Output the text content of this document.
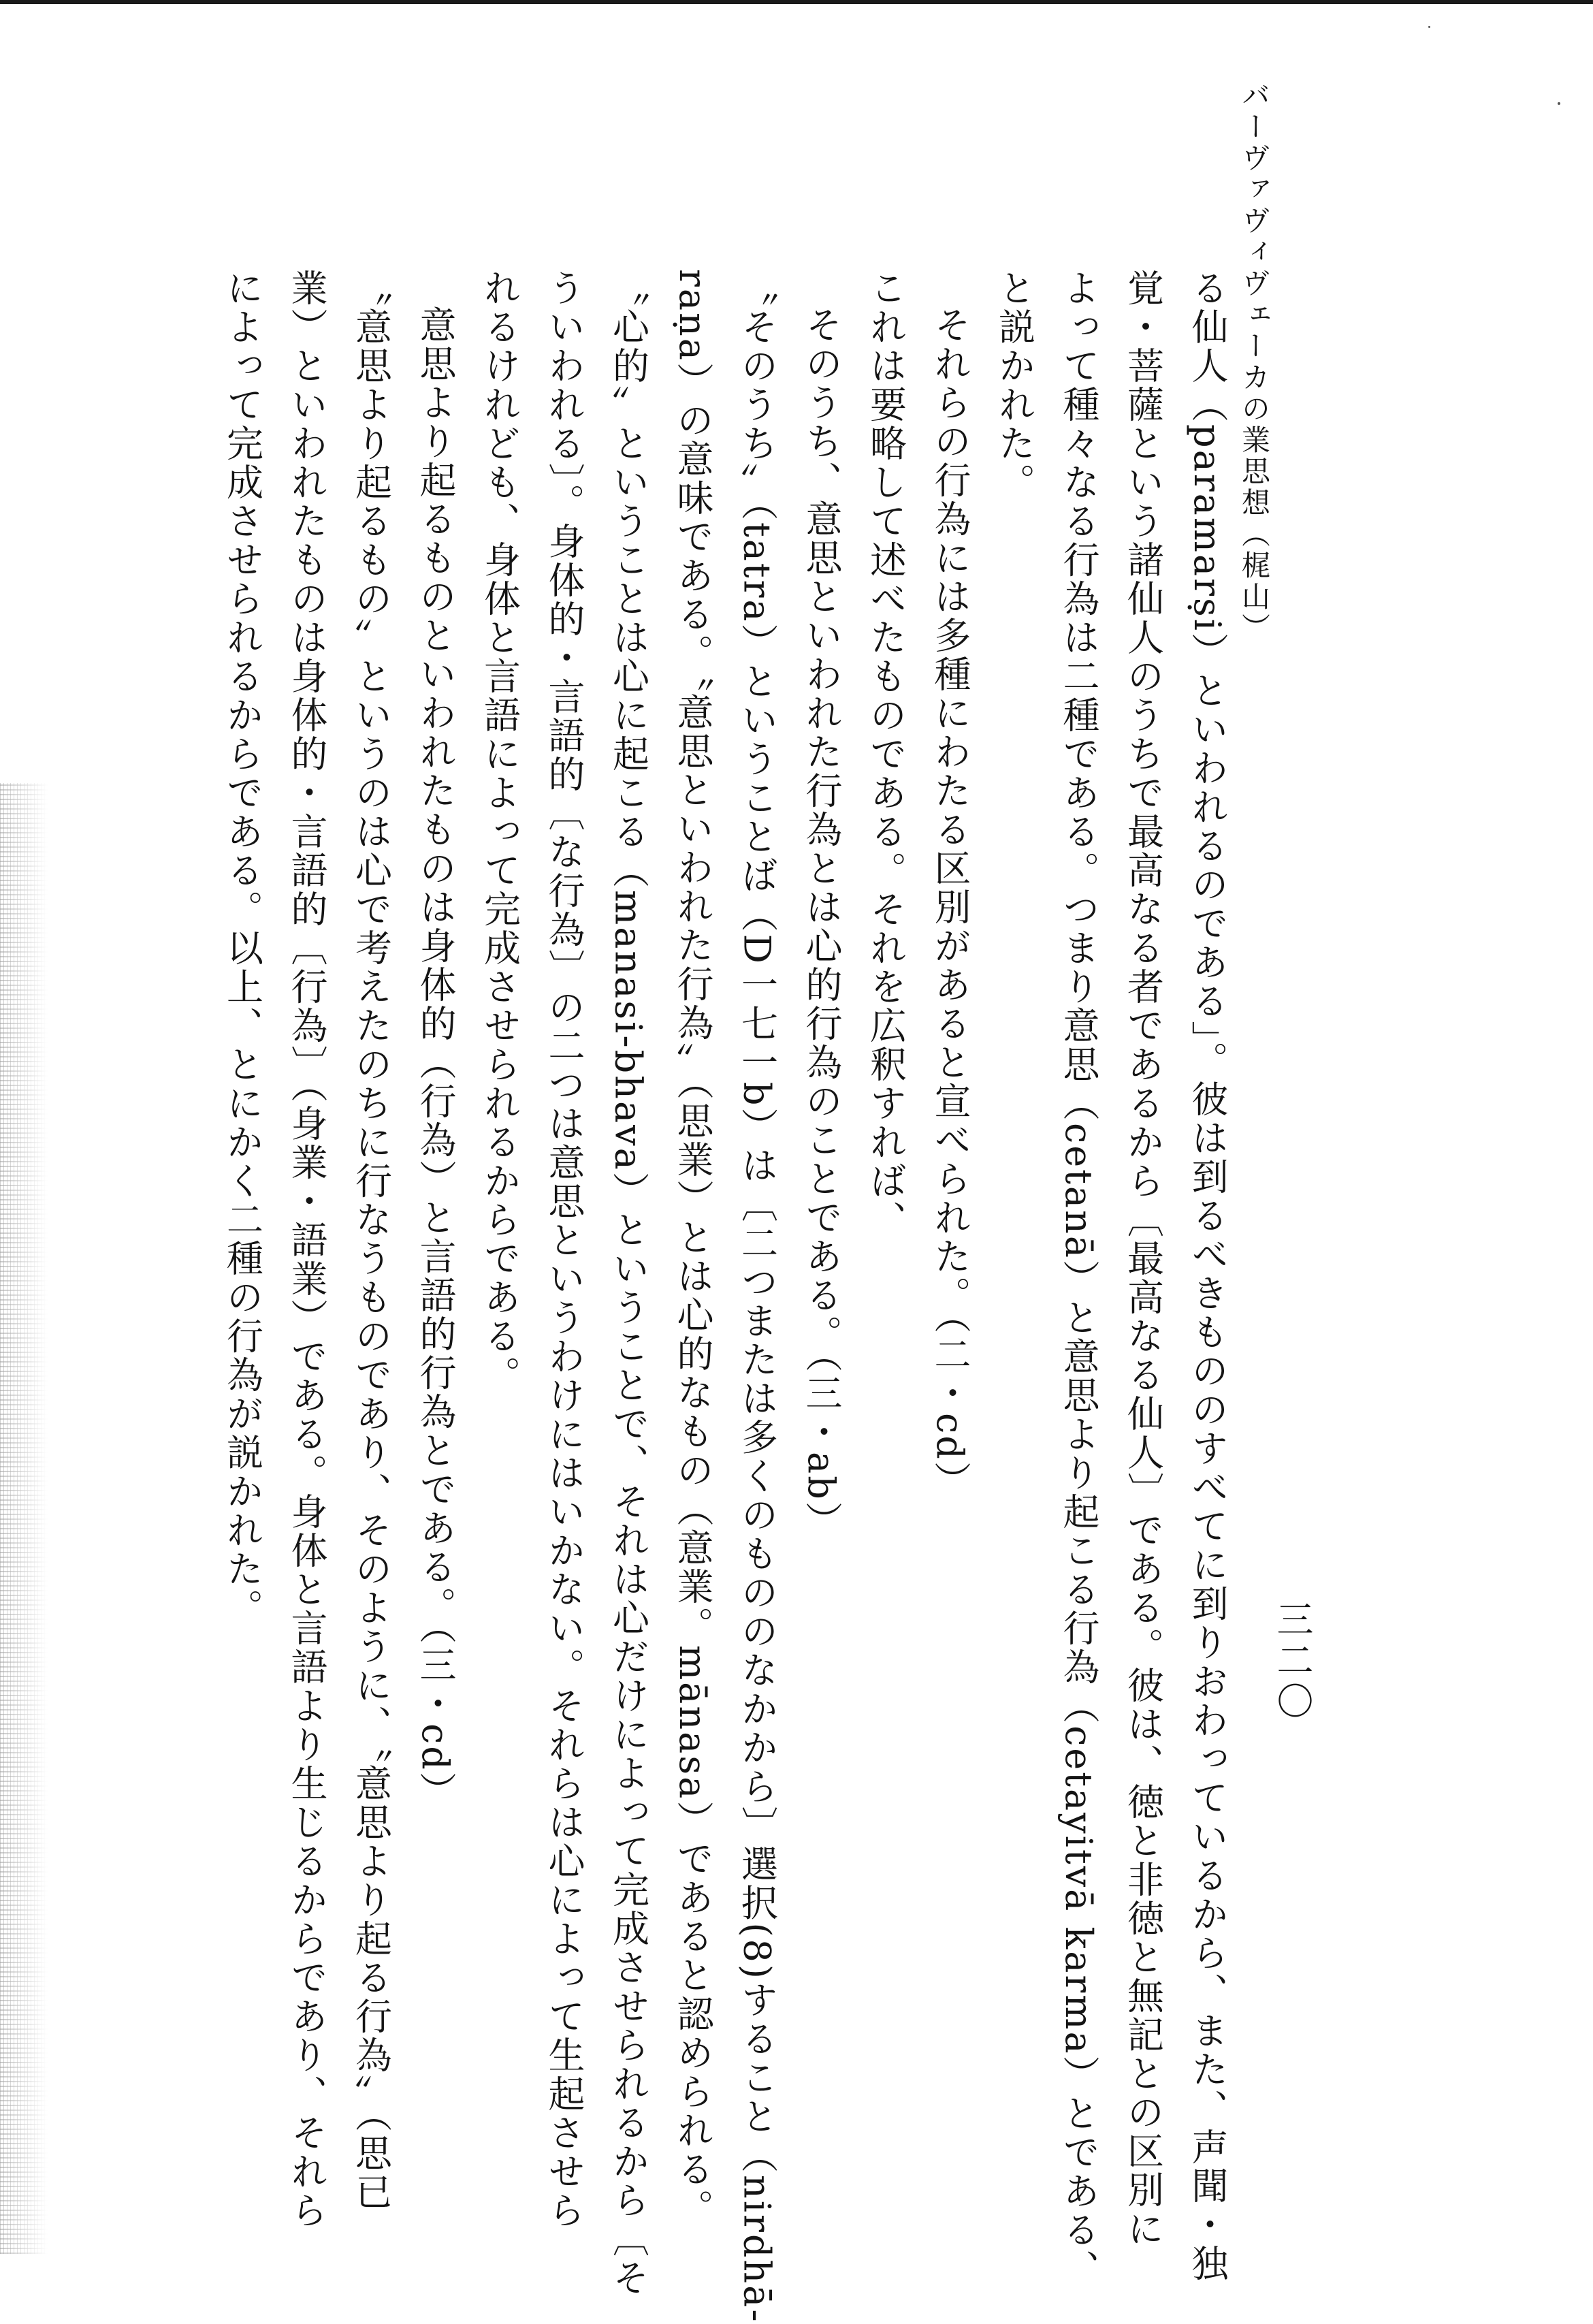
バーヴァヴィヴェーカの業思想（梶山）
三二〇

る仙人（paramarṣi）といわれるのである」。彼は到るべきもののすべてに到りおわっているから、また、声聞・独

覚・菩薩という諸仙人のうちで最高なる者であるから〔最高なる仙人〕である。彼は、徳と非徳と無記との区別に

よって種々なる行為は二種である。つまり意思（cetanā）と意思より起こる行為（cetayitvā karma）とである、

と説かれた。

それらの行為には多種にわたる区別があると宣べられた。（二・cd）

これは要略して述べたものである。それを広釈すれば、

そのうち、意思といわれた行為とは心的行為のことである。（三・ab）

〝そのうち〟（tatra）ということば（D一七一b）は〔二つまたは多くのもののなかから〕選択(8)すること（nirdhā-

raṇa）の意味である。〝意思といわれた行為〟（思業）とは心的なもの（意業。mānasa）であると認められる。

〝心的〟ということは心に起こる（manasi-bhava）ということで、それは心だけによって完成させられるから〔そ

ういわれる〕。身体的・言語的〔な行為〕の二つは意思というわけにはいかない。それらは心によって生起させら

れるけれども、身体と言語によって完成させられるからである。

意思より起るものといわれたものは身体的（行為）と言語的行為とである。（三・cd）

〝意思より起るもの〟というのは心で考えたのちに行なうものであり、そのように、〝意思より起る行為〟（思已

業）といわれたものは身体的・言語的〔行為〕（身業・語業）である。身体と言語より生じるからであり、それら

によって完成させられるからである。以上、とにかく二種の行為が説かれた。
